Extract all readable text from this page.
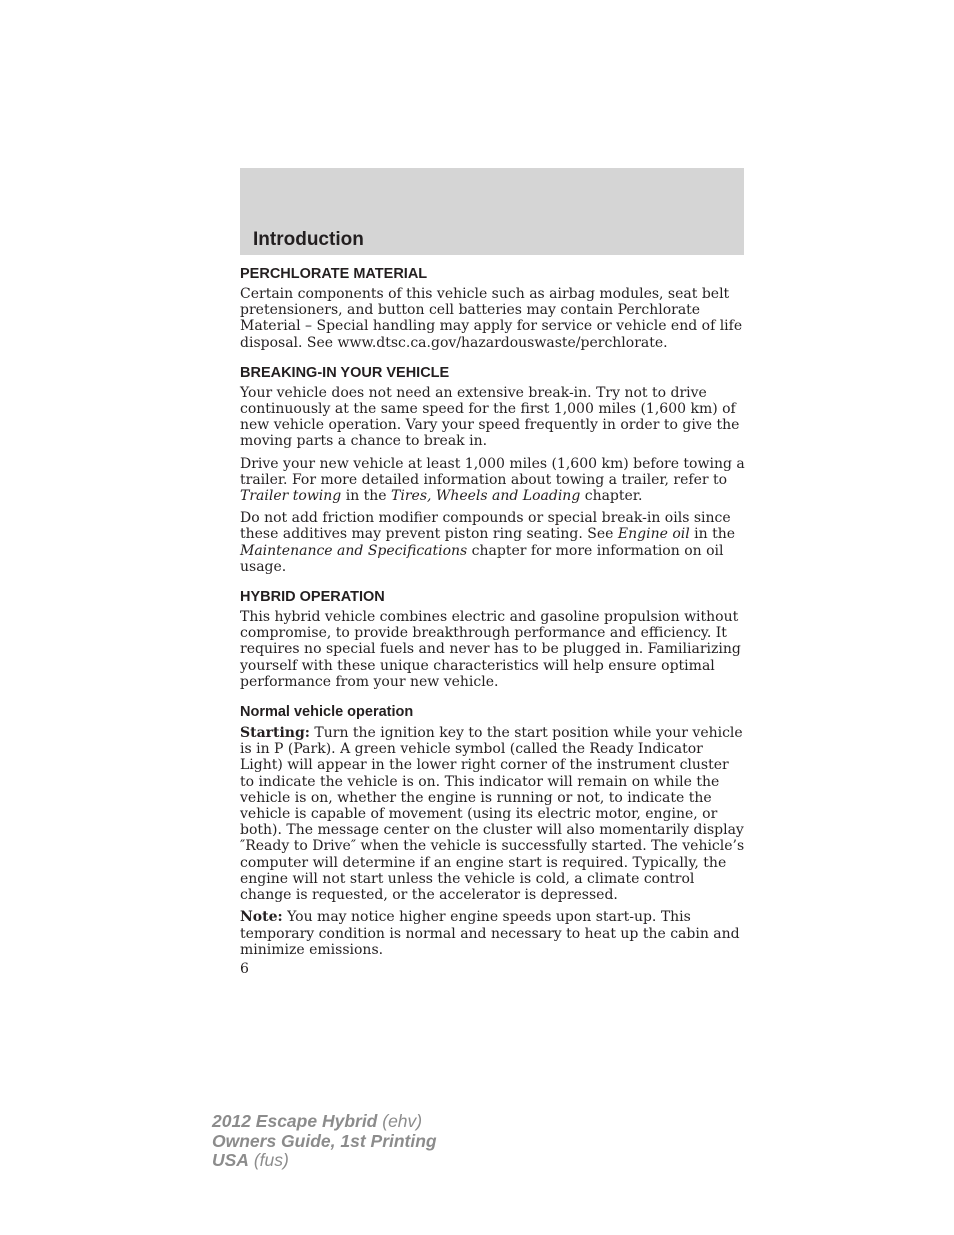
Introduction
PERCHLORATE MATERIAL

Certain components of this vehicle such as airbag modules, seat belt pretensioners, and button cell batteries may contain Perchlorate Material – Special handling may apply for service or vehicle end of life disposal. See www.dtsc.ca.gov/hazardouswaste/perchlorate.

BREAKING-IN YOUR VEHICLE

Your vehicle does not need an extensive break-in. Try not to drive continuously at the same speed for the first 1,000 miles (1,600 km) of new vehicle operation. Vary your speed frequently in order to give the moving parts a chance to break in.

Drive your new vehicle at least 1,000 miles (1,600 km) before towing a trailer. For more detailed information about towing a trailer, refer to Trailer towing in the Tires, Wheels and Loading chapter.

Do not add friction modifier compounds or special break-in oils since these additives may prevent piston ring seating. See Engine oil in the Maintenance and Specifications chapter for more information on oil usage.

HYBRID OPERATION

This hybrid vehicle combines electric and gasoline propulsion without compromise, to provide breakthrough performance and efficiency. It requires no special fuels and never has to be plugged in. Familiarizing yourself with these unique characteristics will help ensure optimal performance from your new vehicle.

Normal vehicle operation

Starting: Turn the ignition key to the start position while your vehicle is in P (Park). A green vehicle symbol (called the Ready Indicator Light) will appear in the lower right corner of the instrument cluster to indicate the vehicle is on. This indicator will remain on while the vehicle is on, whether the engine is running or not, to indicate the vehicle is capable of movement (using its electric motor, engine, or both). The message center on the cluster will also momentarily display ″Ready to Drive″ when the vehicle is successfully started. The vehicle’s computer will determine if an engine start is required. Typically, the engine will not start unless the vehicle is cold, a climate control change is requested, or the accelerator is depressed.

Note: You may notice higher engine speeds upon start-up. This temporary condition is normal and necessary to heat up the cabin and minimize emissions.

6
2012 Escape Hybrid (ehv)
Owners Guide, 1st Printing
USA (fus)
